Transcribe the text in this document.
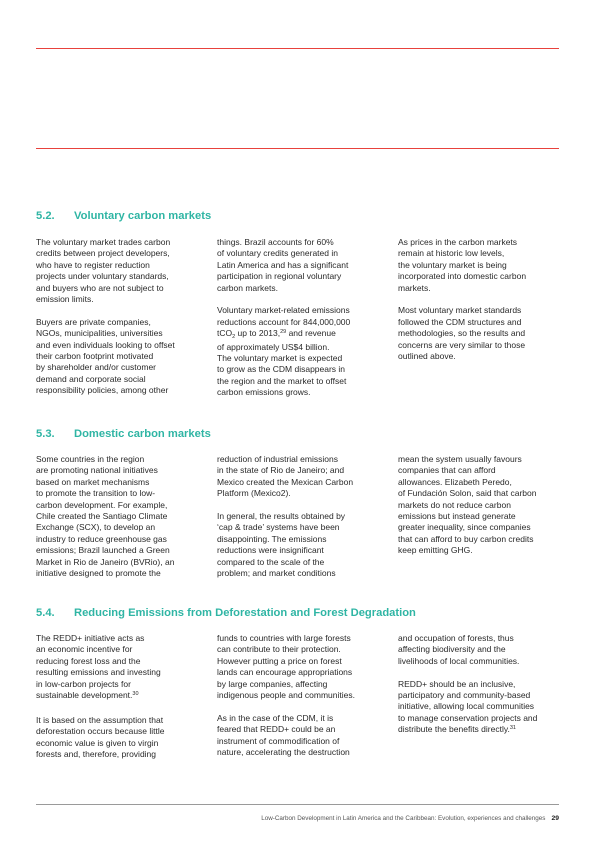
5.2. Voluntary carbon markets

The voluntary market trades carbon
credits between project developers,
who have to register reduction
projects under voluntary standards,
and buyers who are not subject to
emission limits.

Buyers are private companies,
NGOs, municipalities, universities
and even individuals looking to offset
their carbon footprint motivated
by shareholder and/or customer
demand and corporate social
responsibility policies, among other

things. Brazil accounts for 60%
of voluntary credits generated in
Latin America and has a significant
participation in regional voluntary
carbon markets.

Voluntary market-related emissions
reductions account for 844,000,000
tCO$_2$ up to 2013,29 and revenue
of approximately US$4 billion.
The voluntary market is expected
to grow as the CDM disappears in
the region and the market to offset
carbon emissions grows.

As prices in the carbon markets
remain at historic low levels,
the voluntary market is being
incorporated into domestic carbon
markets.

Most voluntary market standards
followed the CDM structures and
methodologies, so the results and
concerns are very similar to those
outlined above.

5.3. Domestic carbon markets

Some countries in the region
are promoting national initiatives
based on market mechanisms
to promote the transition to low-
carbon development. For example,
Chile created the Santiago Climate
Exchange (SCX), to develop an
industry to reduce greenhouse gas
emissions; Brazil launched a Green
Market in Rio de Janeiro (BVRio), an
initiative designed to promote the

reduction of industrial emissions
in the state of Rio de Janeiro; and
Mexico created the Mexican Carbon
Platform (Mexico2).

In general, the results obtained by
‘cap & trade’ systems have been
disappointing. The emissions
reductions were insignificant
compared to the scale of the
problem; and market conditions

mean the system usually favours
companies that can afford
allowances. Elizabeth Peredo,
of Fundación Solon, said that carbon
markets do not reduce carbon
emissions but instead generate
greater inequality, since companies
that can afford to buy carbon credits
keep emitting GHG.

5.4. Reducing Emissions from Deforestation and Forest Degradation

The REDD+ initiative acts as
an economic incentive for
reducing forest loss and the
resulting emissions and investing
in low-carbon projects for
sustainable development.$^{30}$

It is based on the assumption that
deforestation occurs because little
economic value is given to virgin
forests and, therefore, providing

funds to countries with large forests
can contribute to their protection.
However putting a price on forest
lands can encourage appropriations
by large companies, affecting
indigenous people and communities.

As in the case of the CDM, it is
feared that REDD+ could be an
instrument of commodification of
nature, accelerating the destruction

and occupation of forests, thus
affecting biodiversity and the
livelihoods of local communities.

REDD+ should be an inclusive,
participatory and community-based
initiative, allowing local communities
to manage conservation projects and
distribute the benefits directly.$^{31}$

Low-Carbon Development in Latin America and the Caribbean: Evolution, experiences and challenges 29
